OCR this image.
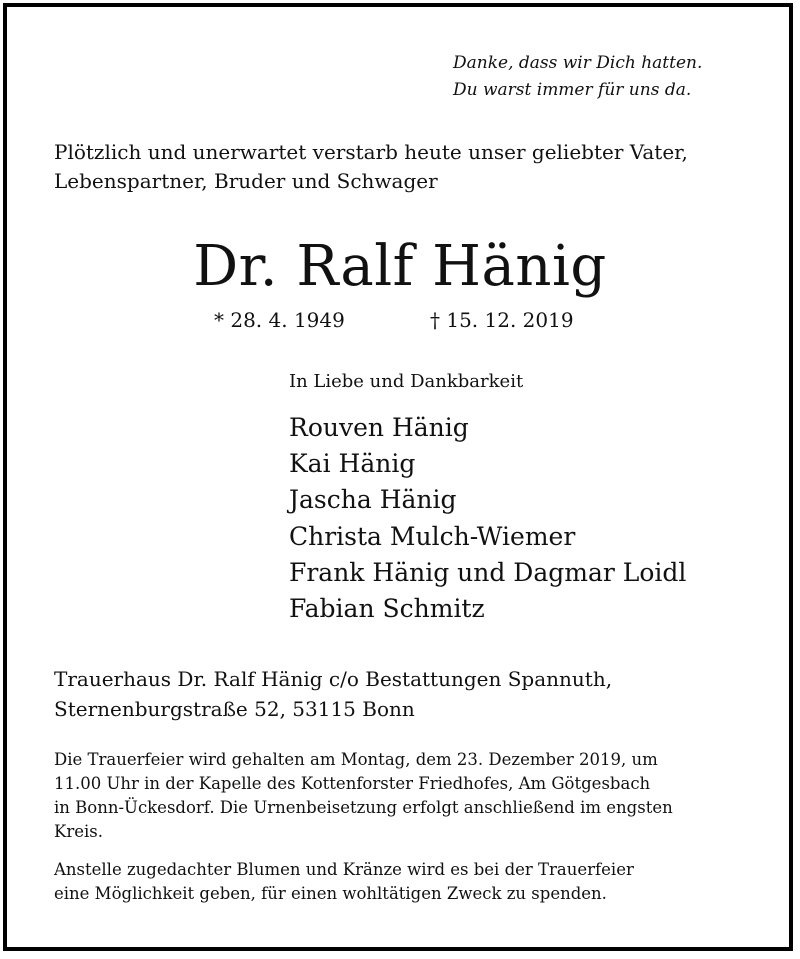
Danke, dass wir Dich hatten.
Du warst immer für uns da.
Plötzlich und unerwartet verstarb heute unser geliebter Vater,
Lebenspartner, Bruder und Schwager
Dr. Ralf Hänig
* 28. 4. 1949	† 15. 12. 2019
In Liebe und Dankbarkeit
Rouven Hänig
Kai Hänig
Jascha Hänig
Christa Mulch-Wiemer
Frank Hänig und Dagmar Loidl
Fabian Schmitz
Trauerhaus Dr. Ralf Hänig c/o Bestattungen Spannuth,
Sternenburgstraße 52, 53115 Bonn
Die Trauerfeier wird gehalten am Montag, dem 23. Dezember 2019, um
11.00 Uhr in der Kapelle des Kottenforster Friedhofes, Am Götgesbach
in Bonn-Ückesdorf. Die Urnenbeisetzung erfolgt anschließend im engsten
Kreis.
Anstelle zugedachter Blumen und Kränze wird es bei der Trauerfeier
eine Möglichkeit geben, für einen wohltätigen Zweck zu spenden.
